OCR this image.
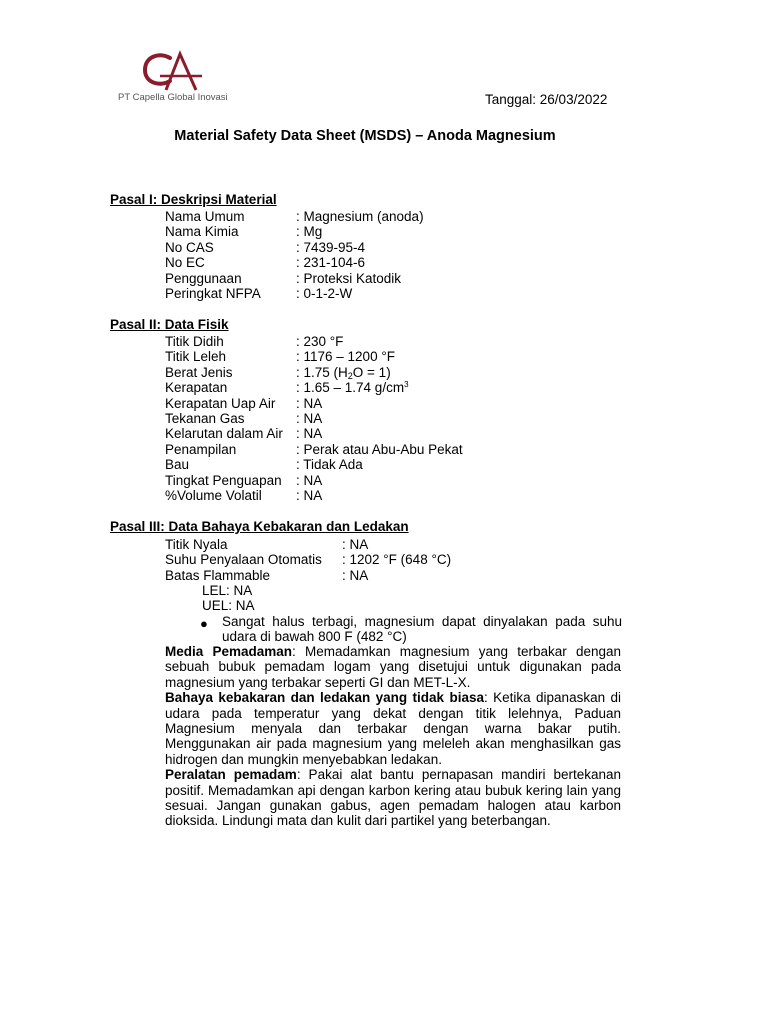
PT Capella Global Inovasi	Tanggal: 26/03/2022
Material Safety Data Sheet (MSDS) – Anoda Magnesium
Pasal I: Deskripsi Material
Nama Umum	: Magnesium (anoda)
Nama Kimia	: Mg
No CAS	: 7439-95-4
No EC	: 231-104-6
Penggunaan	: Proteksi Katodik
Peringkat NFPA	: 0-1-2-W
Pasal II: Data Fisik
Titik Didih	: 230 °F
Titik Leleh	: 1176 – 1200 °F
Berat Jenis	: 1.75 $(H_2O = 1)$
Kerapatan	: 1.65 – 1.74 $g/cm^3$
Kerapatan Uap Air	: NA
Tekanan Gas	: NA
Kelarutan dalam Air : NA
Penampilan	: Perak atau Abu-Abu Pekat
Bau	: Tidak Ada
Tingkat Penguapan	: NA
%Volume Volatil	: NA
Pasal III: Data Bahaya Kebakaran dan Ledakan
Titik Nyala	: NA
Suhu Penyalaan Otomatis	: 1202 °F (648 °C)
Batas Flammable	: NA
LEL: NA
UEL: NA
● Sangat halus terbagi, magnesium dapat dinyalakan pada suhu udara di bawah 800 F (482 °C)

Media Pemadaman: Memadamkan magnesium yang terbakar dengan sebuah bubuk pemadam logam yang disetujui untuk digunakan pada magnesium yang terbakar seperti GI dan MET-L-X.

Bahaya kebakaran dan ledakan yang tidak biasa: Ketika dipanaskan di udara pada temperatur yang dekat dengan titik lelehnya, Paduan Magnesium menyala dan terbakar dengan warna bakar putih. Menggunakan air pada magnesium yang meleleh akan menghasilkan gas hidrogen dan mungkin menyebabkan ledakan.

Peralatan pemadam: Pakai alat bantu pernapasan mandiri bertekanan positif. Memadamkan api dengan karbon kering atau bubuk kering lain yang sesuai. Jangan gunakan gabus, agen pemadam halogen atau karbon dioksida. Lindungi mata dan kulit dari partikel yang beterbangan.
